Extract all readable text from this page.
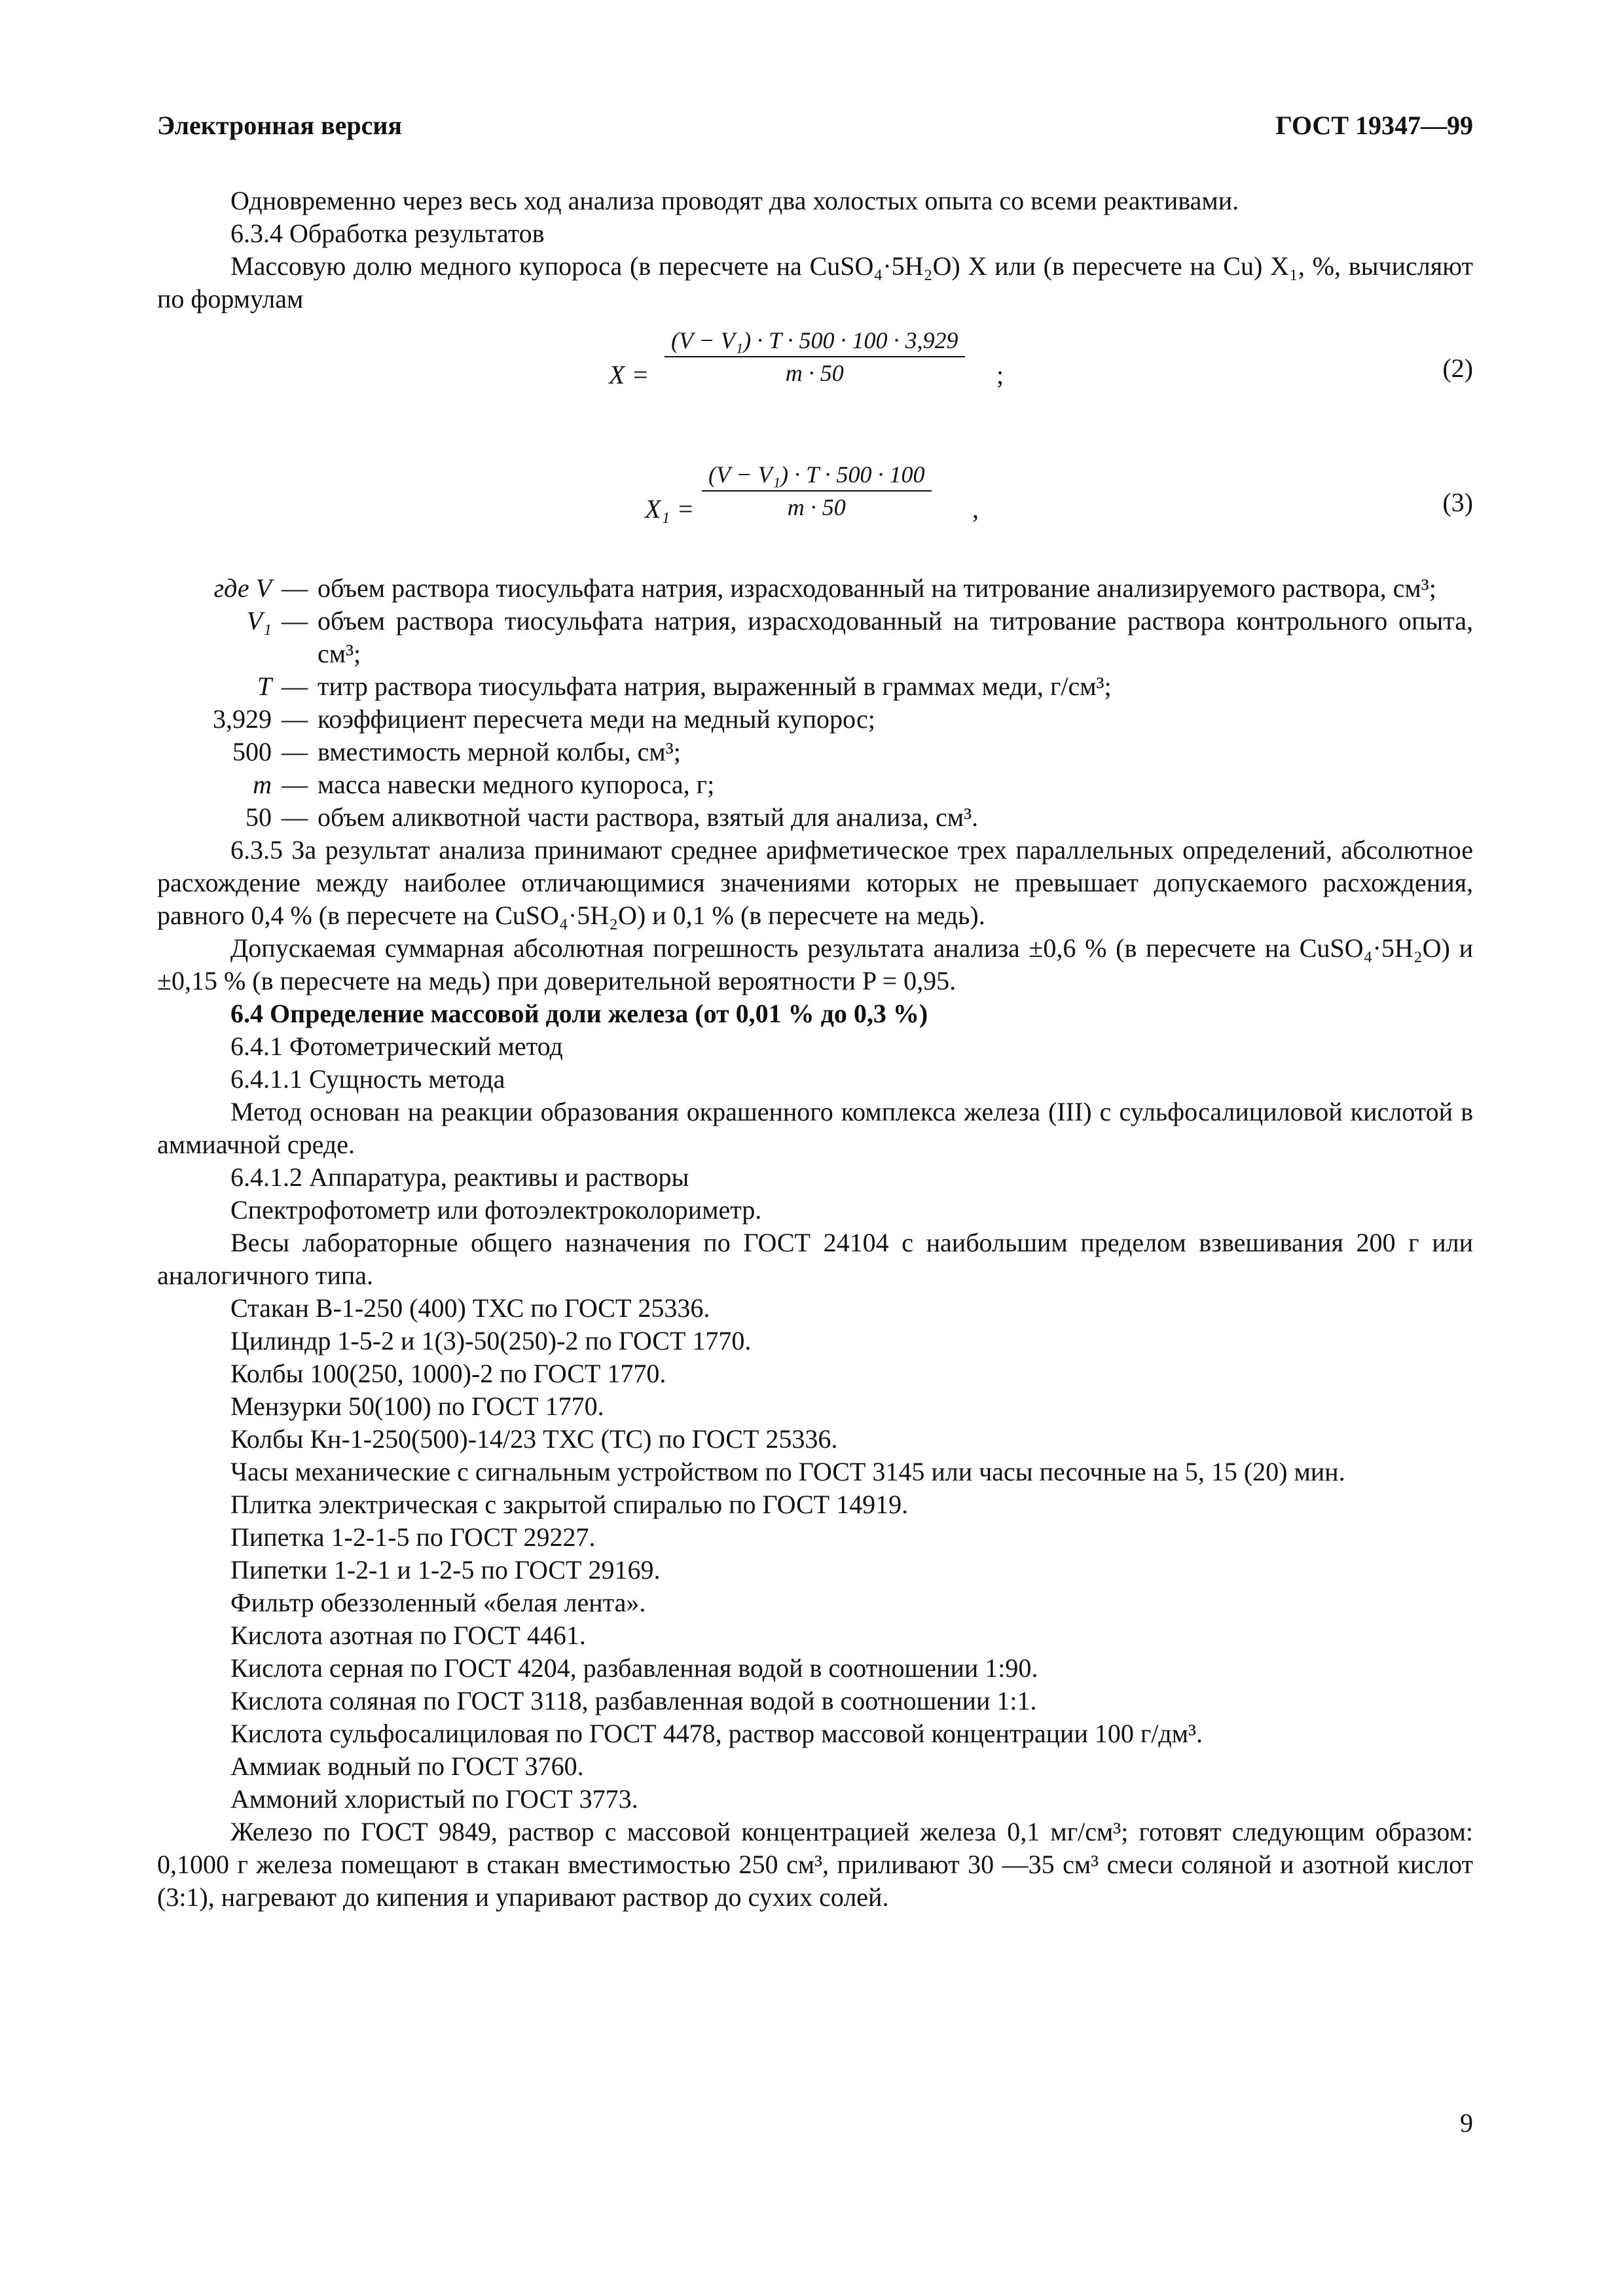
Электронная версия	ГОСТ 19347—99

Одновременно через весь ход анализа проводят два холостых опыта со всеми реактивами.

6.3.4 Обработка результатов

Массовую долю медного купороса (в пересчете на CuSO₄·5H₂O) X или (в пересчете на Cu) X₁, %, вычисляют по формулам

X =
(V − V₁) · T · 500 · 100 · 3,929
m · 50	;	(2)
X₁ =
(V − V₁) · T · 500 · 100
m · 50	,	(3)
где V — объем раствора тиосульфата натрия, израсходованный на титрование анализируемого раствора, см³;
V₁ — объем раствора тиосульфата натрия, израсходованный на титрование раствора контрольного опыта, см³;
T — титр раствора тиосульфата натрия, выраженный в граммах меди, г/см³;
3,929 — коэффициент пересчета меди на медный купорос;
500 — вместимость мерной колбы, см³;
m — масса навески медного купороса, г;
50 — объем аликвотной части раствора, взятый для анализа, см³.

6.3.5 За результат анализа принимают среднее арифметическое трех параллельных определений, абсолютное расхождение между наиболее отличающимися значениями которых не превышает допускаемого расхождения, равного 0,4 % (в пересчете на CuSO₄·5H₂O) и 0,1 % (в пересчете на медь).

Допускаемая суммарная абсолютная погрешность результата анализа ±0,6 % (в пересчете на CuSO₄·5H₂O) и ±0,15 % (в пересчете на медь) при доверительной вероятности P = 0,95.

6.4 Определение массовой доли железа (от 0,01 % до 0,3 %)

6.4.1 Фотометрический метод

6.4.1.1 Сущность метода

Метод основан на реакции образования окрашенного комплекса железа (III) с сульфосалициловой кислотой в аммиачной среде.

6.4.1.2 Аппаратура, реактивы и растворы

Спектрофотометр или фотоэлектроколориметр.

Весы лабораторные общего назначения по ГОСТ 24104 с наибольшим пределом взвешивания 200 г или аналогичного типа.

Стакан В-1-250 (400) ТХС по ГОСТ 25336.

Цилиндр 1-5-2 и 1(3)-50(250)-2 по ГОСТ 1770.

Колбы 100(250, 1000)-2 по ГОСТ 1770.

Мензурки 50(100) по ГОСТ 1770.

Колбы Кн-1-250(500)-14/23 ТХС (ТС) по ГОСТ 25336.

Часы механические с сигнальным устройством по ГОСТ 3145 или часы песочные на 5, 15 (20) мин.

Плитка электрическая с закрытой спиралью по ГОСТ 14919.

Пипетка 1-2-1-5 по ГОСТ 29227.

Пипетки 1-2-1 и 1-2-5 по ГОСТ 29169.

Фильтр обеззоленный «белая лента».

Кислота азотная по ГОСТ 4461.

Кислота серная по ГОСТ 4204, разбавленная водой в соотношении 1:90.

Кислота соляная по ГОСТ 3118, разбавленная водой в соотношении 1:1.

Кислота сульфосалициловая по ГОСТ 4478, раствор массовой концентрации 100 г/дм³.

Аммиак водный по ГОСТ 3760.

Аммоний хлористый по ГОСТ 3773.

Железо по ГОСТ 9849, раствор с массовой концентрацией железа 0,1 мг/см³; готовят следующим образом: 0,1000 г железа помещают в стакан вместимостью 250 см³, приливают 30 —35 см³ смеси соляной и азотной кислот (3:1), нагревают до кипения и упаривают раствор до сухих солей.

9
